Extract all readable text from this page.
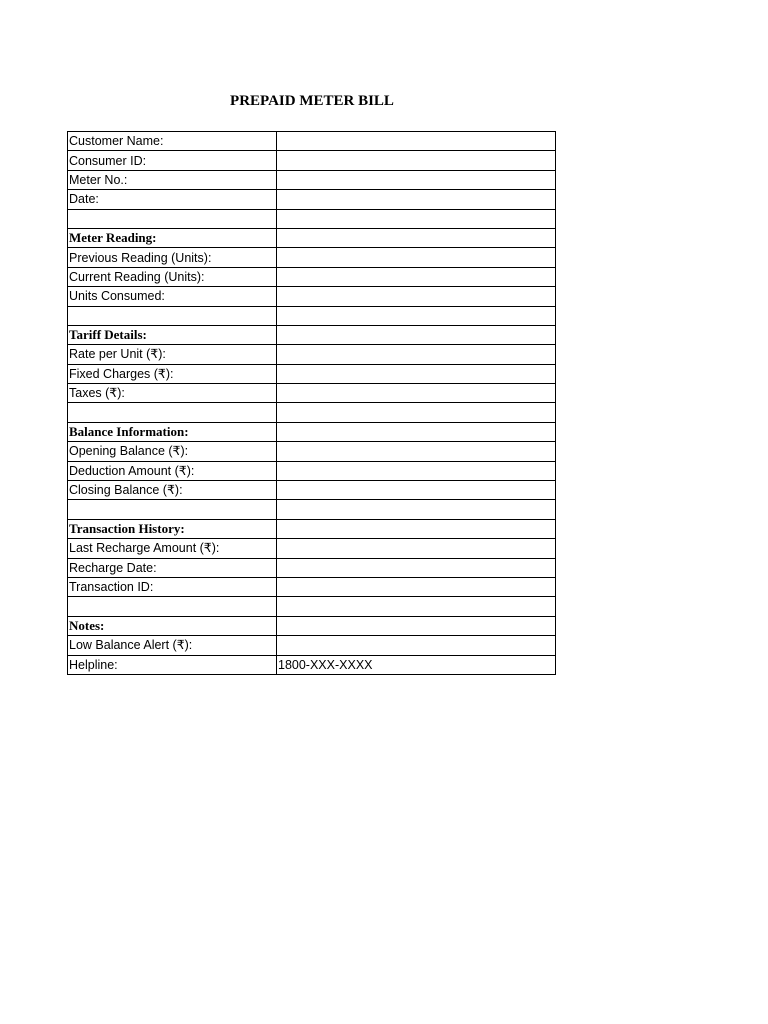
PREPAID METER BILL
Customer Name:	
Consumer ID:	
Meter No.:	
Date:	

Meter Reading:	
Previous Reading (Units):	
Current Reading (Units):	
Units Consumed:	

Tariff Details:	
Rate per Unit (₹):	
Fixed Charges (₹):	
Taxes (₹):	

Balance Information:	
Opening Balance (₹):	
Deduction Amount (₹):	
Closing Balance (₹):	

Transaction History:	
Last Recharge Amount (₹):	
Recharge Date:	
Transaction ID:	

Notes:	
Low Balance Alert (₹):	
Helpline:	1800-XXX-XXXX
